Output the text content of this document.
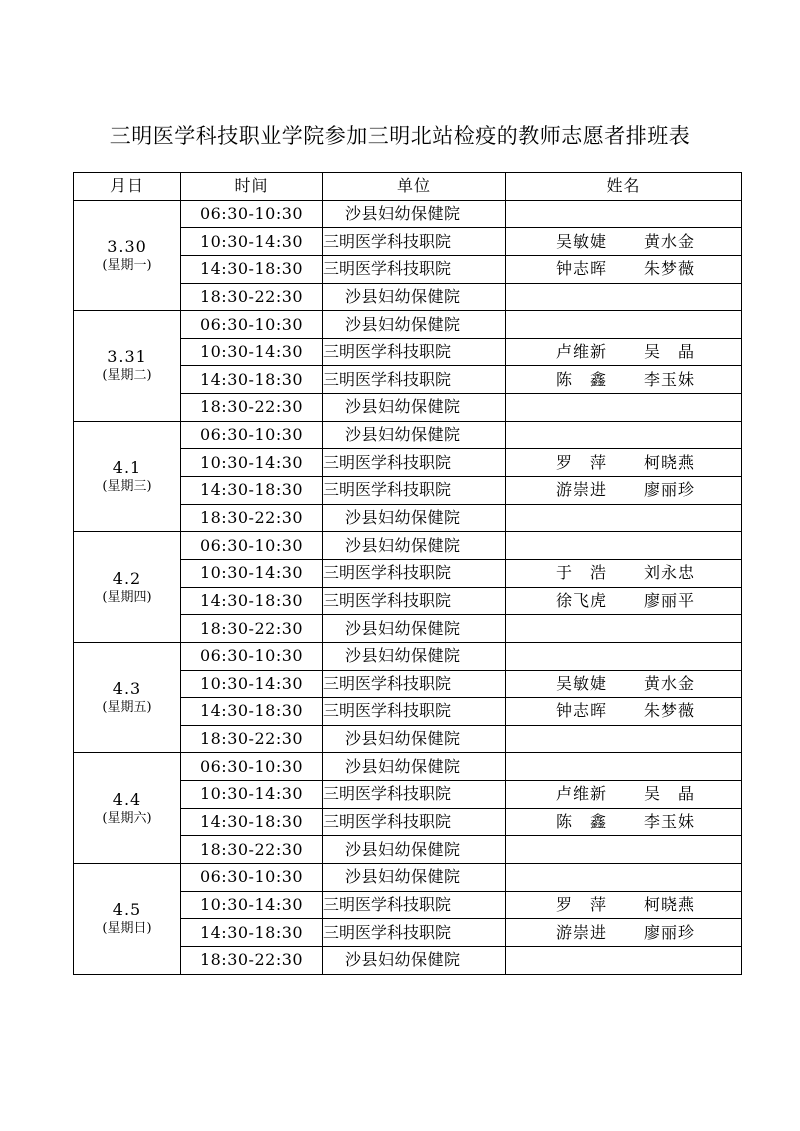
三明医学科技职业学院参加三明北站检疫的教师志愿者排班表
月日	时间	单位	姓名

3.30
(星期一)	06:30-10:30	沙县妇幼保健院	
	10:30-14:30	三明医学科技职院	吴敏婕 黄水金
	14:30-18:30	三明医学科技职院	钟志晖 朱梦薇
	18:30-22:30	沙县妇幼保健院	

3.31
(星期二)	06:30-10:30	沙县妇幼保健院	
	10:30-14:30	三明医学科技职院	卢维新 吴　晶
	14:30-18:30	三明医学科技职院	陈　鑫 李玉妹
	18:30-22:30	沙县妇幼保健院	

4.1
(星期三)	06:30-10:30	沙县妇幼保健院	
	10:30-14:30	三明医学科技职院	罗　萍 柯晓燕
	14:30-18:30	三明医学科技职院	游崇进 廖丽珍
	18:30-22:30	沙县妇幼保健院	

4.2
(星期四)	06:30-10:30	沙县妇幼保健院	
	10:30-14:30	三明医学科技职院	于　浩 刘永忠
	14:30-18:30	三明医学科技职院	徐飞虎 廖丽平
	18:30-22:30	沙县妇幼保健院	

4.3
(星期五)	06:30-10:30	沙县妇幼保健院	
	10:30-14:30	三明医学科技职院	吴敏婕 黄水金
	14:30-18:30	三明医学科技职院	钟志晖 朱梦薇
	18:30-22:30	沙县妇幼保健院	

4.4
(星期六)	06:30-10:30	沙县妇幼保健院	
	10:30-14:30	三明医学科技职院	卢维新 吴　晶
	14:30-18:30	三明医学科技职院	陈　鑫 李玉妹
	18:30-22:30	沙县妇幼保健院	

4.5
(星期日)	06:30-10:30	沙县妇幼保健院	
	10:30-14:30	三明医学科技职院	罗　萍 柯晓燕
	14:30-18:30	三明医学科技职院	游崇进 廖丽珍
	18:30-22:30	沙县妇幼保健院	
